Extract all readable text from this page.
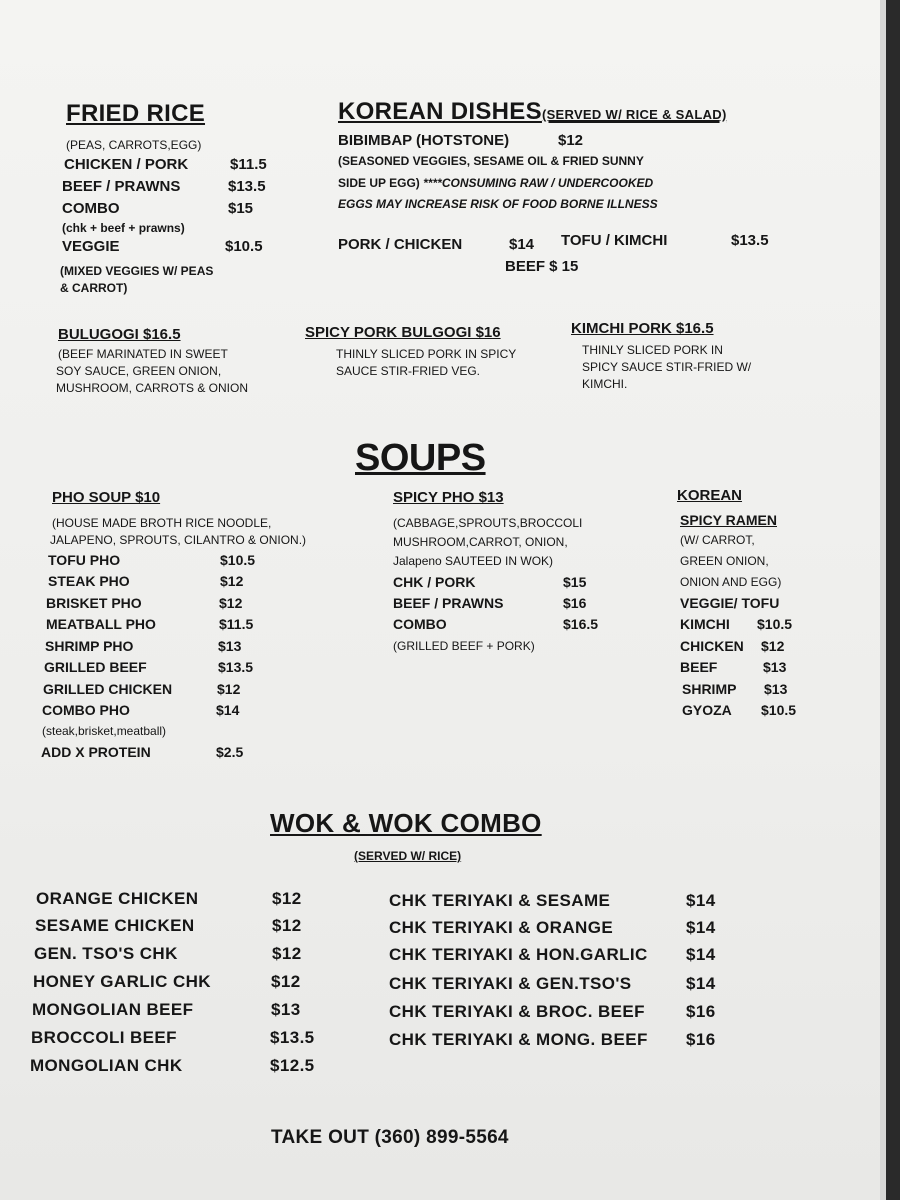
FRIED RICE
(PEAS, CARROTS,EGG)
CHICKEN / PORK	$11.5
BEEF / PRAWNS	$13.5
COMBO	$15
(chk + beef + prawns)
VEGGIE	$10.5
(MIXED VEGGIES W/ PEAS
& CARROT)
KOREAN DISHES(SERVED W/ RICE & SALAD)
BIBIMBAP (HOTSTONE)	$12
(SEASONED VEGGIES, SESAME OIL & FRIED SUNNY
SIDE UP EGG) ****CONSUMING RAW / UNDERCOOKED
EGGS MAY INCREASE RISK OF FOOD BORNE ILLNESS
PORK / CHICKEN	$14 TOFU / KIMCHI	$13.5
BEEF $ 15
BULUGOGI $16.5
(BEEF MARINATED IN SWEET
SOY SAUCE, GREEN ONION,
MUSHROOM, CARROTS & ONION
SPICY PORK BULGOGI $16
THINLY SLICED PORK IN SPICY
SAUCE STIR-FRIED VEG.
KIMCHI PORK $16.5
THINLY SLICED PORK IN
SPICY SAUCE STIR-FRIED W/
KIMCHI.
SOUPS
PHO SOUP $10
(HOUSE MADE BROTH RICE NOODLE,
JALAPENO, SPROUTS, CILANTRO & ONION.)
TOFU PHO	$10.5
STEAK PHO	$12
BRISKET PHO	$12
MEATBALL PHO	$11.5
SHRIMP PHO	$13
GRILLED BEEF	$13.5
GRILLED CHICKEN	$12
COMBO PHO	$14
(steak,brisket,meatball)
ADD X PROTEIN	$2.5
SPICY PHO $13
(CABBAGE,SPROUTS,BROCCOLI
MUSHROOM,CARROT, ONION,
Jalapeno SAUTEED IN WOK)
CHK / PORK	$15
BEEF / PRAWNS	$16
COMBO	$16.5
(GRILLED BEEF + PORK)
KOREAN
SPICY RAMEN
(W/ CARROT,
GREEN ONION,
ONION AND EGG)
VEGGIE/ TOFU
KIMCHI $10.5
CHICKEN $12
BEEF	$13
SHRIMP $13
GYOZA $10.5
WOK & WOK COMBO
(SERVED W/ RICE)
ORANGE CHICKEN	$12
SESAME CHICKEN	$12
GEN. TSO'S CHK	$12
HONEY GARLIC CHK	$12
MONGOLIAN BEEF	$13
BROCCOLI BEEF	$13.5
MONGOLIAN CHK	$12.5
CHK TERIYAKI & SESAME	$14
CHK TERIYAKI & ORANGE	$14
CHK TERIYAKI & HON.GARLIC $14
CHK TERIYAKI & GEN.TSO'S	$14
CHK TERIYAKI & BROC. BEEF $16
CHK TERIYAKI & MONG. BEEF $16
TAKE OUT (360) 899-5564
